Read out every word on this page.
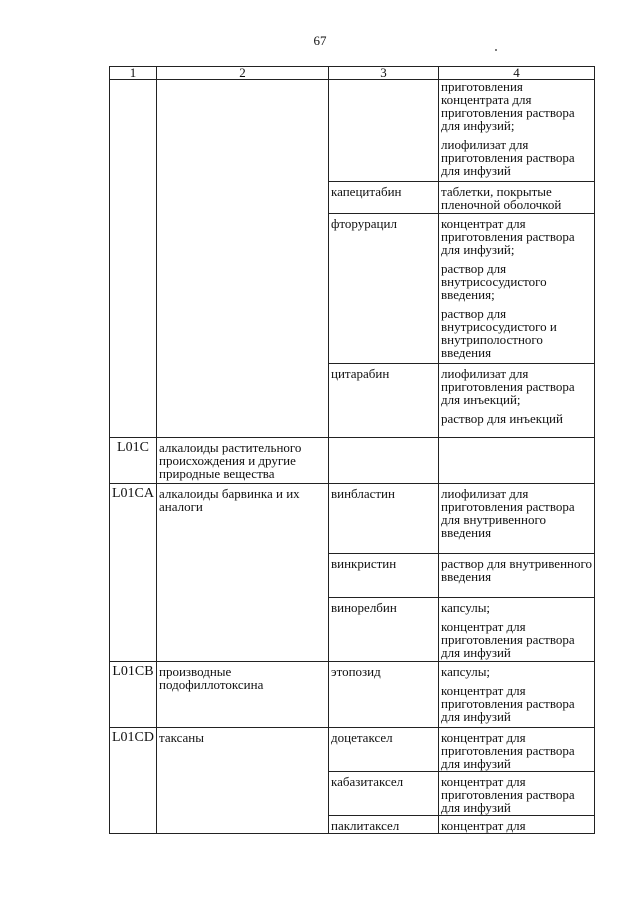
67
1	2	3	4

			приготовления концентрата для приготовления раствора для инфузий;

лиофилизат для приготовления раствора для инфузий

		капецитабин	таблетки, покрытые пленочной оболочкой

		фторурацил	концентрат для приготовления раствора для инфузий;

раствор для внутрисосудистого введения;

раствор для внутрисосудистого и внутриполостного введения

		цитарабин	лиофилизат для приготовления раствора для инъекций;

раствор для инъекций

L01C	алкалоиды растительного происхождения и другие природные вещества		
L01CA	алкалоиды барвинка и их аналоги	винбластин	лиофилизат для приготовления раствора для внутривенного введения

		винкристин	раствор для внутривенного введения

		винорелбин	капсулы;

концентрат для приготовления раствора для инфузий

L01CB	производные подофиллотоксина	этопозид	капсулы;

концентрат для приготовления раствора для инфузий

L01CD	таксаны	доцетаксел	концентрат для приготовления раствора для инфузий

		кабазитаксел	концентрат для приготовления раствора для инфузий

		паклитаксел	концентрат для
